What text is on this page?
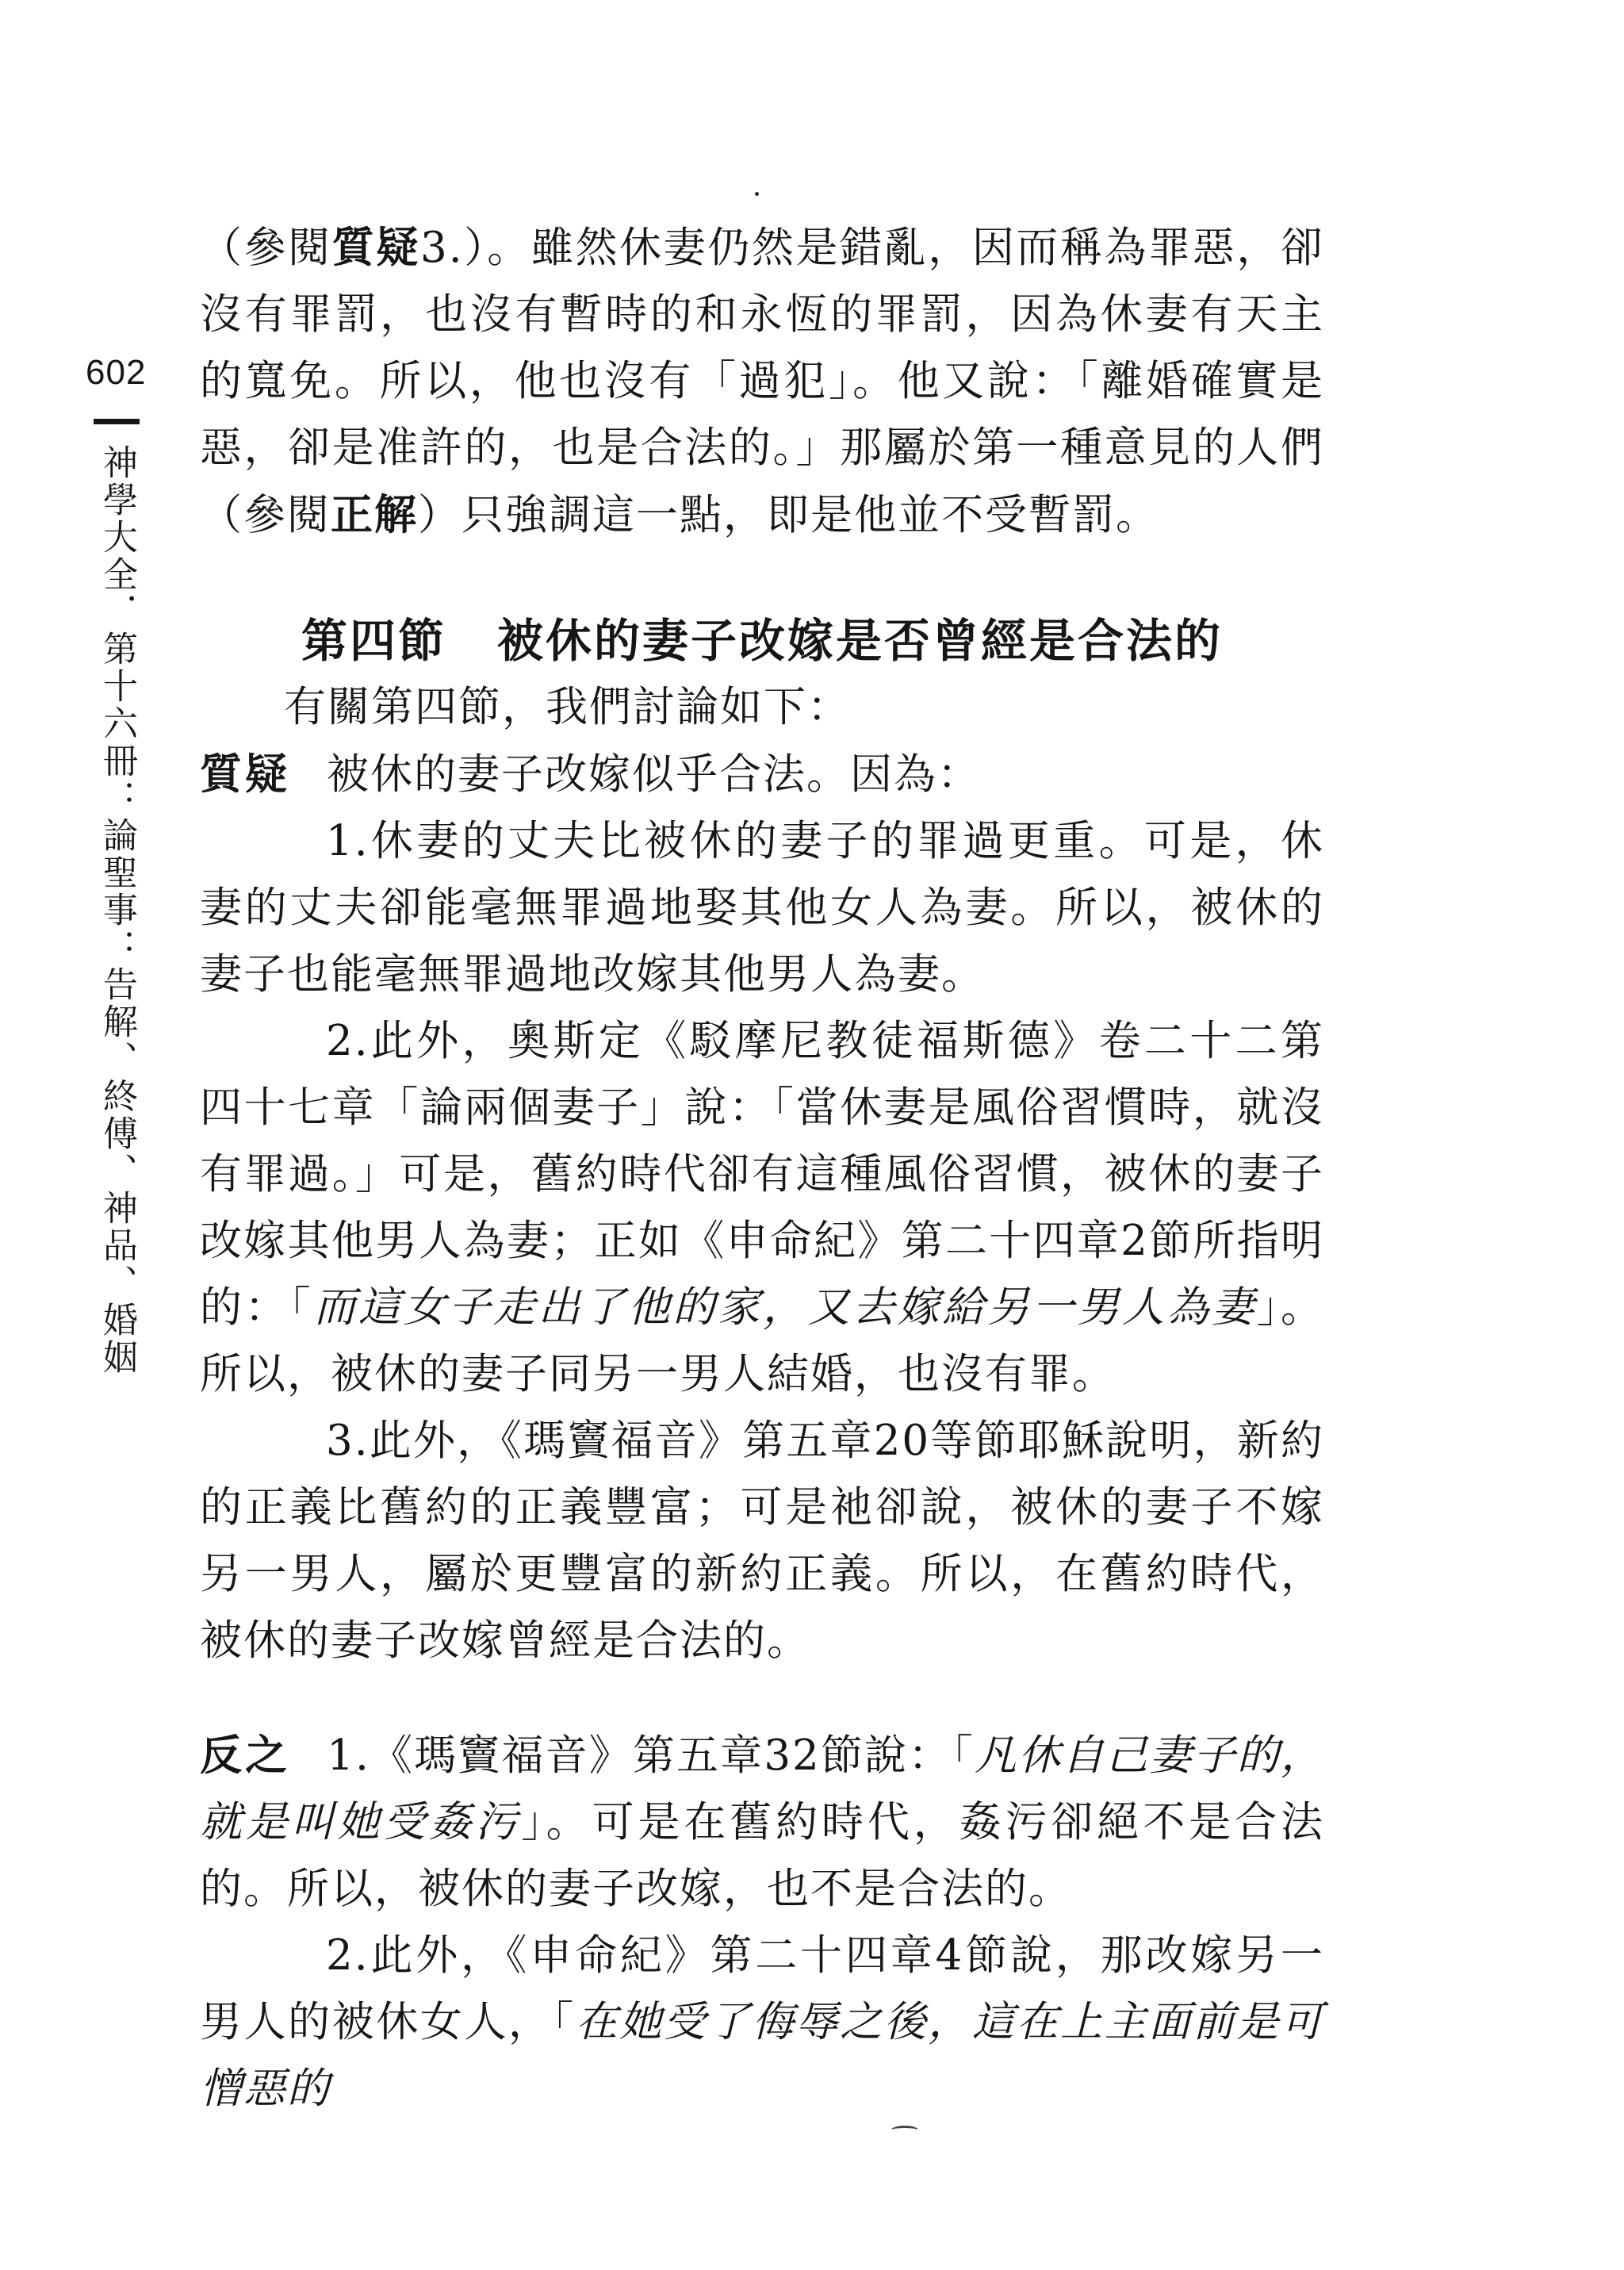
602
神學大全．第十六冊：論聖事：告解、終傅、神品、婚姻

（參閱質疑3.）。雖然休妻仍然是錯亂，因而稱為罪惡，卻沒有罪罰，也沒有暫時的和永恆的罪罰，因為休妻有天主的寬免。所以，他也沒有「過犯」。他又說：「離婚確實是惡，卻是准許的，也是合法的。」那屬於第一種意見的人們（參閱正解）只強調這一點，即是他並不受暫罰。

第四節 被休的妻子改嫁是否曾經是合法的

有關第四節，我們討論如下：

質疑 被休的妻子改嫁似乎合法。因為：

1.休妻的丈夫比被休的妻子的罪過更重。可是，休妻的丈夫卻能毫無罪過地娶其他女人為妻。所以，被休的妻子也能毫無罪過地改嫁其他男人為妻。

2.此外，奧斯定《駁摩尼教徒福斯德》卷二十二第四十七章「論兩個妻子」說：「當休妻是風俗習慣時，就沒有罪過。」可是，舊約時代卻有這種風俗習慣，被休的妻子改嫁其他男人為妻；正如《申命紀》第二十四章2節所指明的：「而這女子走出了他的家，又去嫁給另一男人為妻」。所以，被休的妻子同另一男人結婚，也沒有罪。

3.此外，《瑪竇福音》第五章20等節耶穌說明，新約的正義比舊約的正義豐富；可是祂卻說，被休的妻子不嫁另一男人，屬於更豐富的新約正義。所以，在舊約時代，被休的妻子改嫁曾經是合法的。

反之 1.《瑪竇福音》第五章32節說：「凡休自己妻子的，就是叫她受姦污」。可是在舊約時代，姦污卻絕不是合法的。所以，被休的妻子改嫁，也不是合法的。

2.此外，《申命紀》第二十四章4節說，那改嫁另一男人的被休女人，「在她受了侮辱之後，這在上主面前是可憎惡的
